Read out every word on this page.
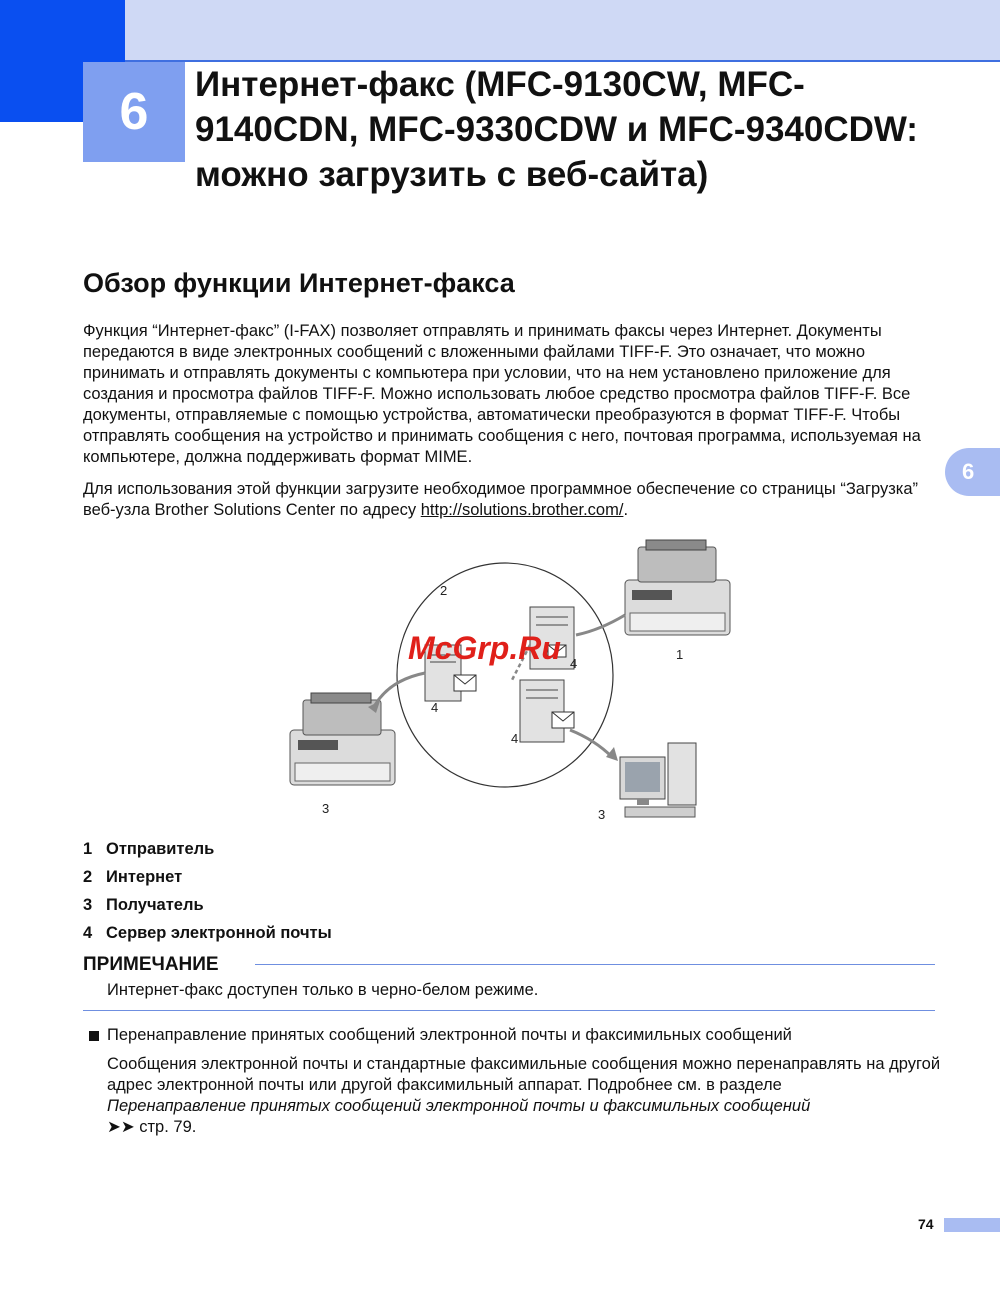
6	Интернет-факс (MFC-9130CW, MFC-9140CDN, MFC-9330CDW и MFC-9340CDW: можно загрузить с веб-сайта)
Обзор функции Интернет-факса

Функция “Интернет-факс” (I-FAX) позволяет отправлять и принимать факсы через Интернет. Документы передаются в виде электронных сообщений с вложенными файлами TIFF-F. Это означает, что можно принимать и отправлять документы с компьютера при условии, что на нем установлено приложение для создания и просмотра файлов TIFF-F. Можно использовать любое средство просмотра файлов TIFF-F. Все документы, отправляемые с помощью устройства, автоматически преобразуются в формат TIFF-F. Чтобы отправлять сообщения на устройство и принимать сообщения с него, почтовая программа, используемая на компьютере, должна поддерживать формат MIME.

Для использования этой функции загрузите необходимое программное обеспечение со страницы “Загрузка” веб-узла Brother Solutions Center по адресу http://solutions.brother.com/.

6
1
2
3	3
4
4
4
McGrp.Ru
1 Отправитель
2 Интернет
3 Получатель
4 Сервер электронной почты
ПРИМЕЧАНИЕ
Интернет-факс доступен только в черно-белом режиме.
Перенаправление принятых сообщений электронной почты и факсимильных сообщений

Сообщения электронной почты и стандартные факсимильные сообщения можно перенаправлять на другой адрес электронной почты или другой факсимильный аппарат. Подробнее см. в разделе
Перенаправление принятых сообщений электронной почты и факсимильных сообщений
➤➤ стр. 79.

74
